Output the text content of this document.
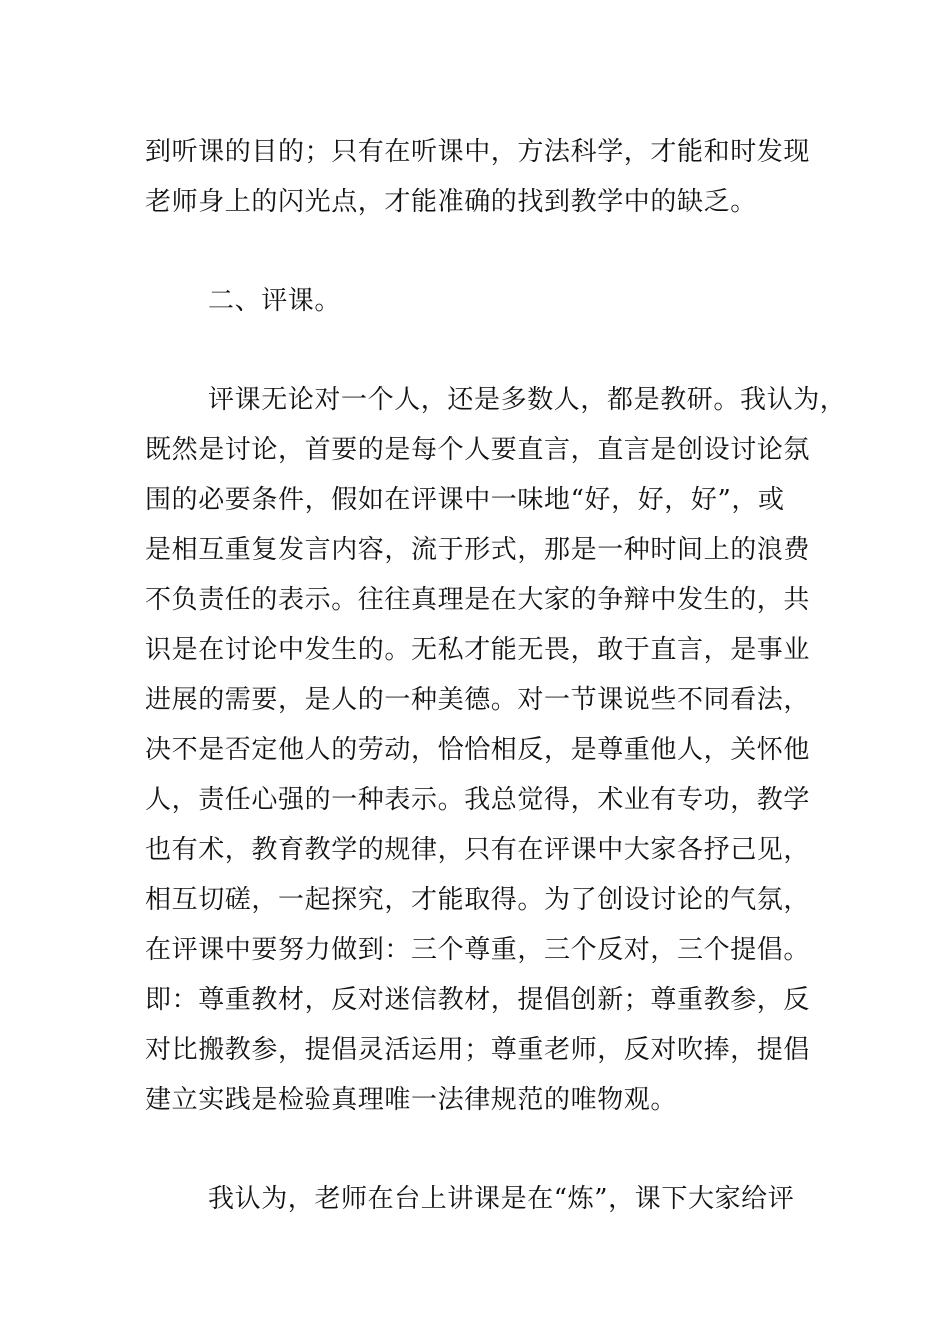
到听课的目的；只有在听课中，方法科学，才能和时发现
老师身上的闪光点，才能准确的找到教学中的缺乏。
二、评课。
评课无论对一个人，还是多数人，都是教研。我认为，
既然是讨论，首要的是每个人要直言，直言是创设讨论氛
围的必要条件，假如在评课中一味地“好，好，好”，或
是相互重复发言内容，流于形式，那是一种时间上的浪费
不负责任的表示。往往真理是在大家的争辩中发生的，共
识是在讨论中发生的。无私才能无畏，敢于直言，是事业
进展的需要，是人的一种美德。对一节课说些不同看法，
决不是否定他人的劳动，恰恰相反，是尊重他人，关怀他
人，责任心强的一种表示。我总觉得，术业有专功，教学
也有术，教育教学的规律，只有在评课中大家各抒己见，
相互切磋，一起探究，才能取得。为了创设讨论的气氛，
在评课中要努力做到：三个尊重，三个反对，三个提倡。
即：尊重教材，反对迷信教材，提倡创新；尊重教参，反
对比搬教参，提倡灵活运用；尊重老师，反对吹捧，提倡
建立实践是检验真理唯一法律规范的唯物观。
我认为，老师在台上讲课是在“炼”，课下大家给评
